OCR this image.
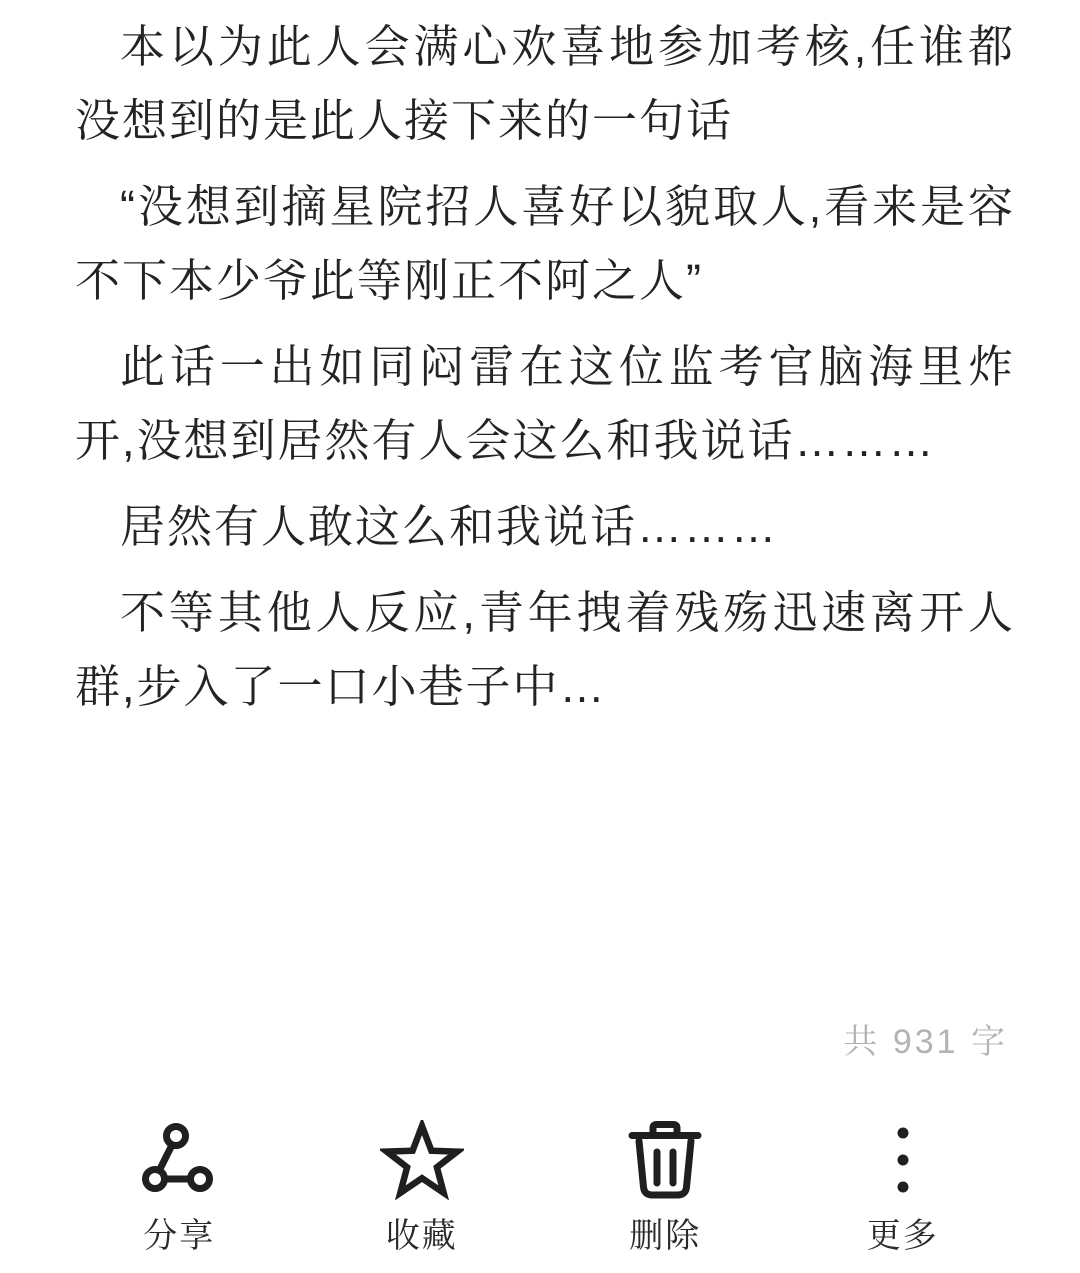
本以为此人会满心欢喜地参加考核,任谁都没想到的是此人接下来的一句话

“没想到摘星院招人喜好以貌取人,看来是容不下本少爷此等刚正不阿之人”

此话一出如同闷雷在这位监考官脑海里炸开,没想到居然有人会这么和我说话………

居然有人敢这么和我说话………

不等其他人反应,青年拽着残殇迅速离开人群,步入了一口小巷子中…

共 931 字
分享	收藏	删除	更多
